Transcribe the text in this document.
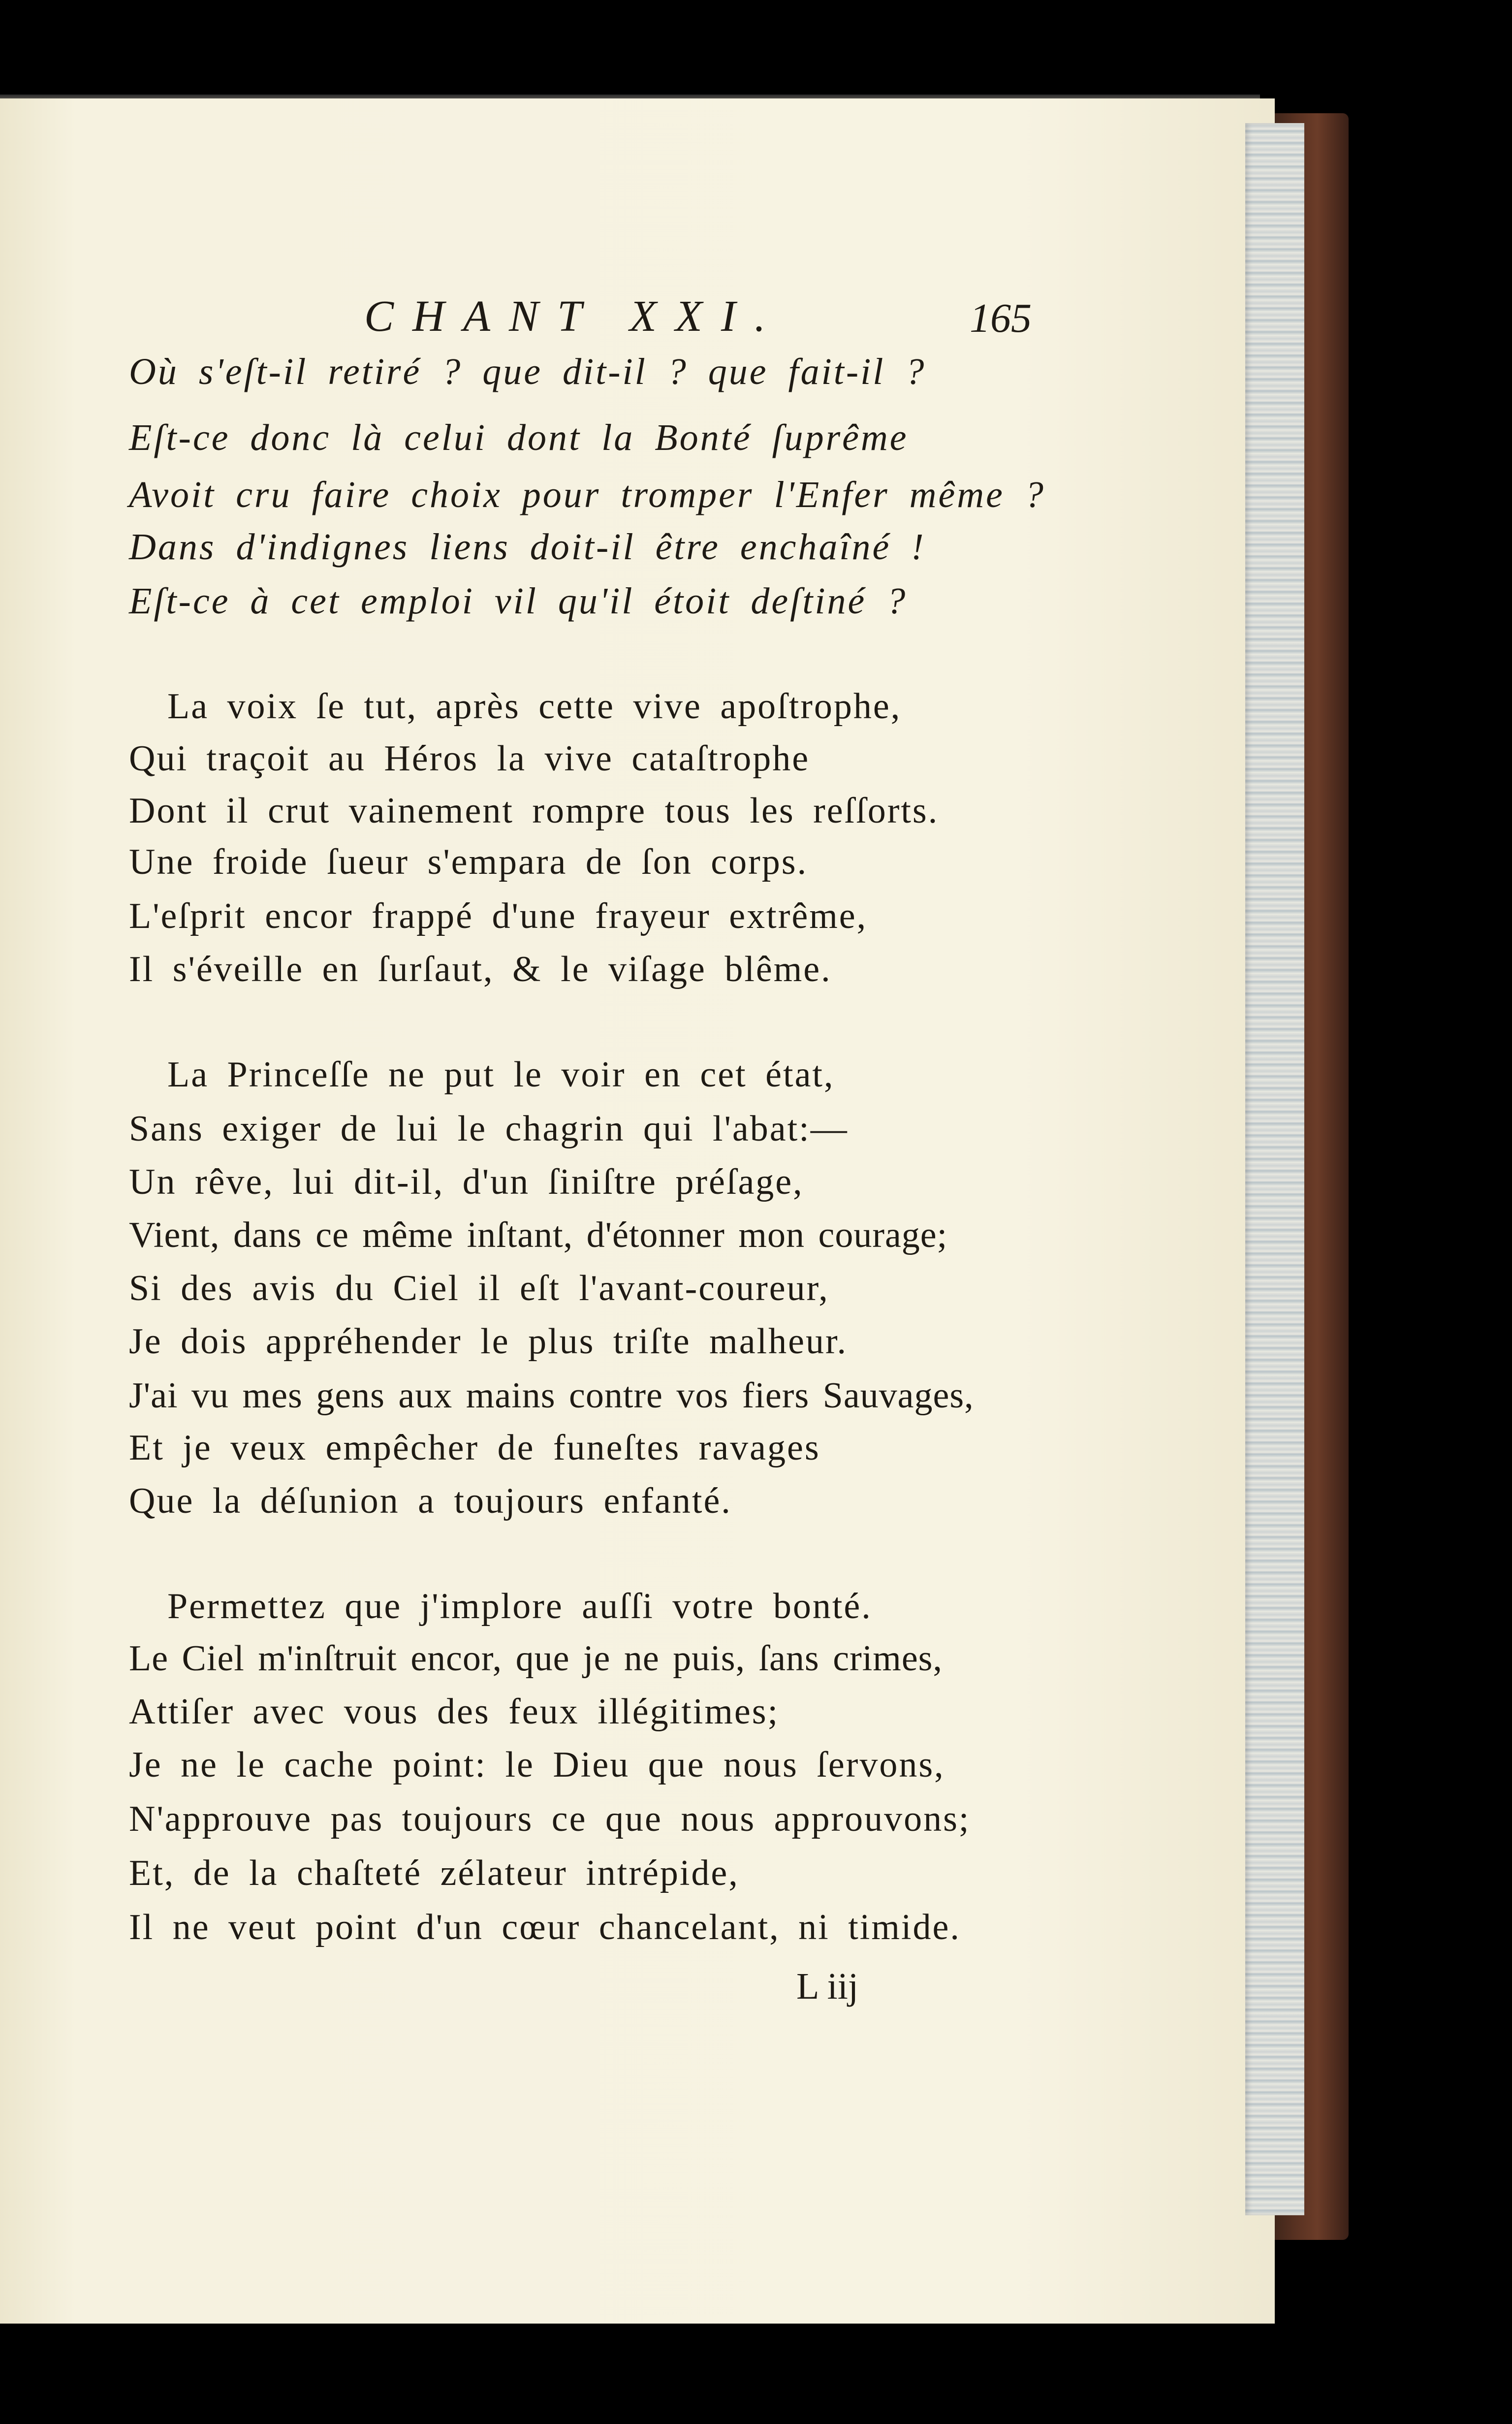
CHANT XXI.	165
Où s'eſt-il retiré ? que dit-il ? que fait-il ?
Eſt-ce donc là celui dont la Bonté ſuprême
Avoit cru faire choix pour tromper l'Enfer même ?
Dans d'indignes liens doit-il être enchaîné !
Eſt-ce à cet emploi vil qu'il étoit deſtiné ?
La voix ſe tut, après cette vive apoſtrophe,
Qui traçoit au Héros la vive cataſtrophe
Dont il crut vainement rompre tous les reſſorts.
Une froide ſueur s'empara de ſon corps.
L'eſprit encor frappé d'une frayeur extrême,
Il s'éveille en ſurſaut, & le viſage blême.
La Princeſſe ne put le voir en cet état,
Sans exiger de lui le chagrin qui l'abat:—
Un rêve, lui dit-il, d'un ſiniſtre préſage,
Vient, dans ce même inſtant, d'étonner mon courage;
Si des avis du Ciel il eſt l'avant-coureur,
Je dois appréhender le plus triſte malheur.
J'ai vu mes gens aux mains contre vos fiers Sauvages,
Et je veux empêcher de funeſtes ravages
Que la déſunion a toujours enfanté.
Permettez que j'implore auſſi votre bonté.
Le Ciel m'inſtruit encor, que je ne puis, ſans crimes,
Attiſer avec vous des feux illégitimes;
Je ne le cache point: le Dieu que nous ſervons,
N'approuve pas toujours ce que nous approuvons;
Et, de la chaſteté zélateur intrépide,
Il ne veut point d'un cœur chancelant, ni timide.
L iij
